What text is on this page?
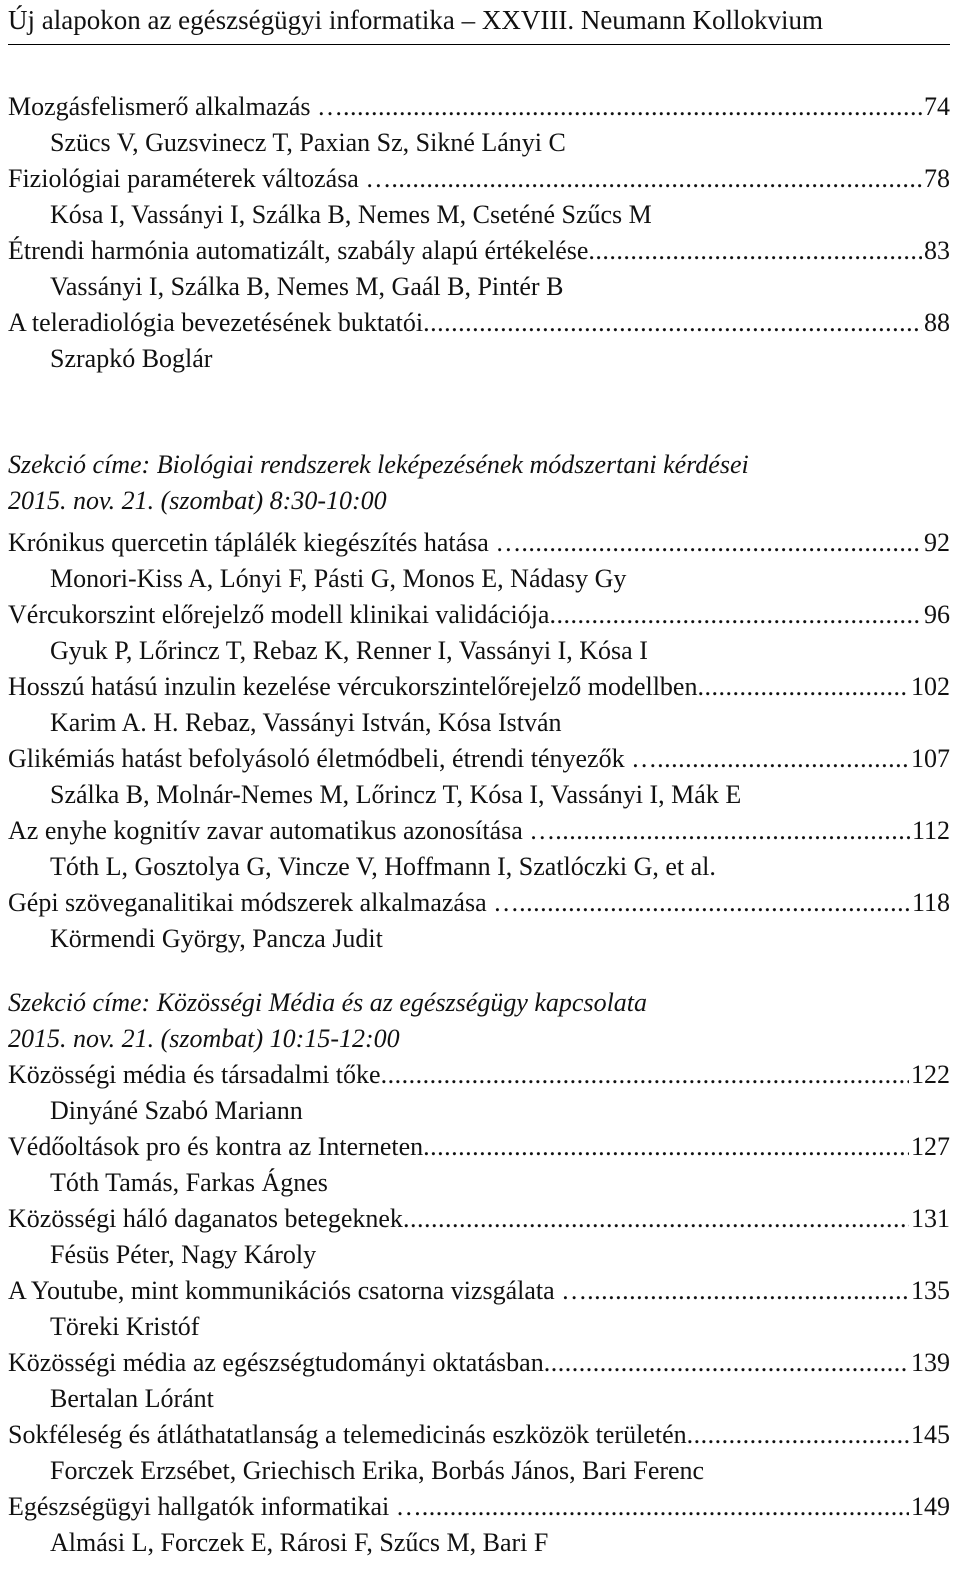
Új alapokon az egészségügyi informatika – XXVIII. Neumann Kollokvium
Mozgásfelismerő alkalmazás … .....	74
Szücs V, Guzsvinecz T, Paxian Sz, Sikné Lányi C
Fiziológiai paraméterek változása … .....	78
Kósa I, Vassányi I, Szálka B, Nemes M, Cseténé Szűcs M
Étrendi harmónia automatizált, szabály alapú értékelése .....	83
Vassányi I, Szálka B, Nemes M, Gaál B, Pintér B
A teleradiológia bevezetésének buktatói .....	88
Szrapkó Boglár
Szekció címe: Biológiai rendszerek leképezésének módszertani kérdései
2015. nov. 21. (szombat) 8:30-10:00
Krónikus quercetin táplálék kiegészítés hatása … .....	92
Monori-Kiss A, Lónyi F, Pásti G, Monos E, Nádasy Gy
Vércukorszint előrejelző modell klinikai validációja .....	96
Gyuk P, Lőrincz T, Rebaz K, Renner I, Vassányi I, Kósa I
Hosszú hatású inzulin kezelése vércukorszintelőrejelző modellben .....	102
Karim A. H. Rebaz, Vassányi István, Kósa István
Glikémiás hatást befolyásoló életmódbeli, étrendi tényezők … .....	107
Szálka B, Molnár-Nemes M, Lőrincz T, Kósa I, Vassányi I, Mák E
Az enyhe kognitív zavar automatikus azonosítása … .....	112
Tóth L, Gosztolya G, Vincze V, Hoffmann I, Szatlóczki G, et al.
Gépi szöveganalitikai módszerek alkalmazása … .....	118
Körmendi György, Pancza Judit
Szekció címe: Közösségi Média és az egészségügy kapcsolata
2015. nov. 21. (szombat) 10:15-12:00
Közösségi média és társadalmi tőke .....	122
Dinyáné Szabó Mariann
Védőoltások pro és kontra az Interneten .....	127
Tóth Tamás, Farkas Ágnes
Közösségi háló daganatos betegeknek .....	131
Fésüs Péter, Nagy Károly
A Youtube, mint kommunikációs csatorna vizsgálata … .....	135
Töreki Kristóf
Közösségi média az egészségtudományi oktatásban .....	139
Bertalan Lóránt
Sokféleség és átláthatatlanság a telemedicinás eszközök területén .....	145
Forczek Erzsébet, Griechisch Erika, Borbás János, Bari Ferenc
Egészségügyi hallgatók informatikai … .....	149
Almási L, Forczek E, Rárosi F, Szűcs M, Bari F
